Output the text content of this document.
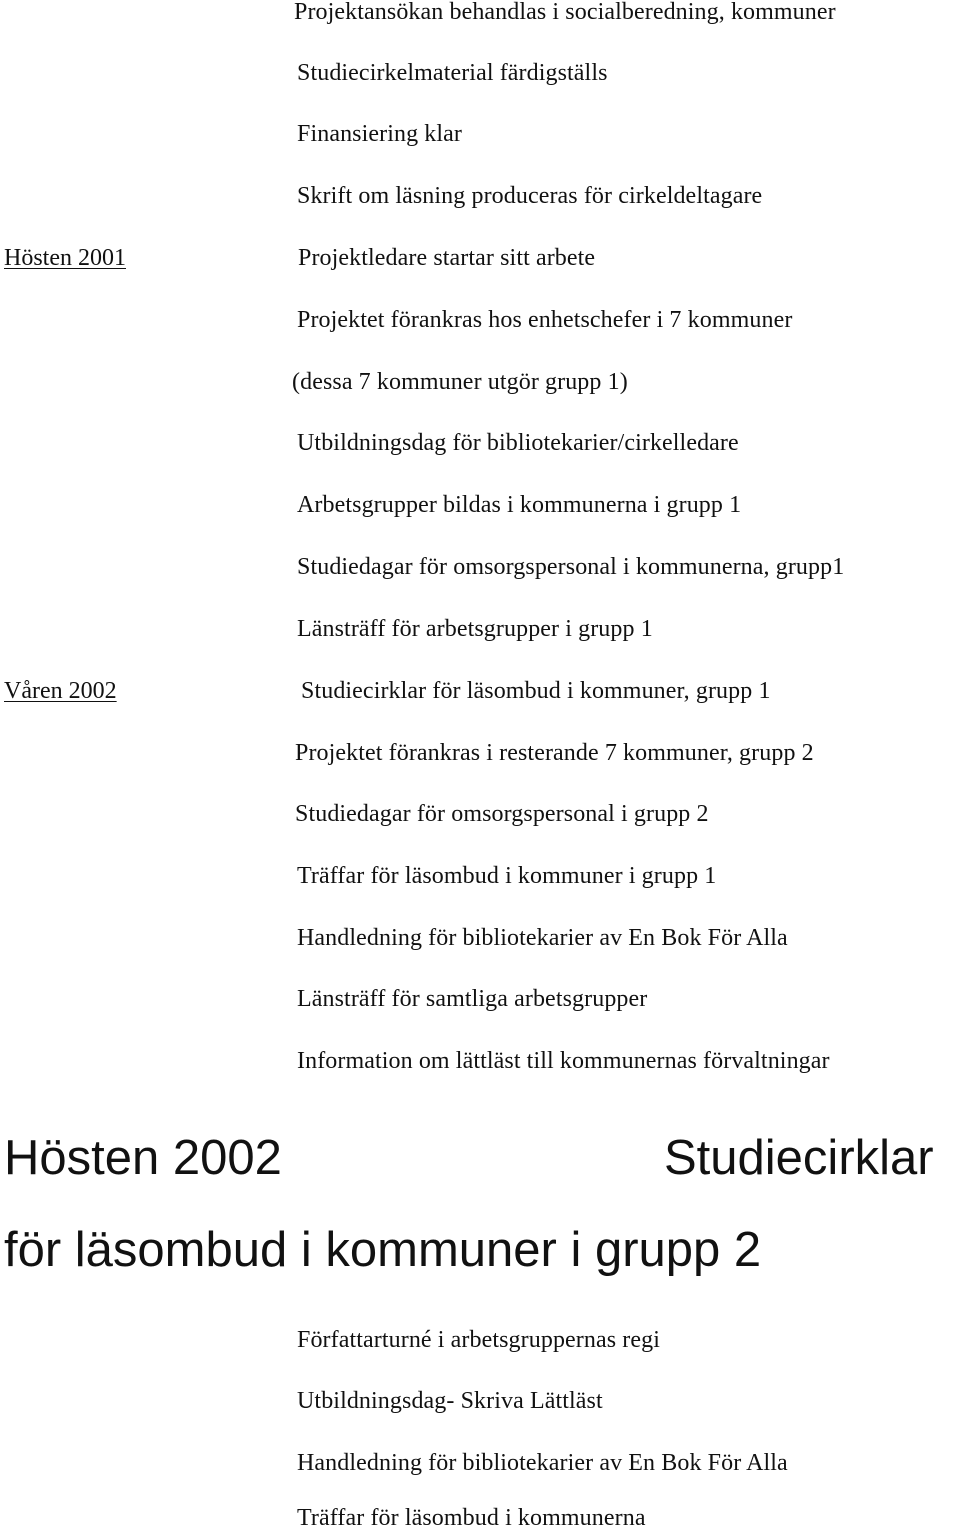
Projektansökan behandlas i socialberedning, kommuner
Studiecirkelmaterial färdigställs
Finansiering klar
Skrift om läsning produceras för cirkeldeltagare
Hösten 2001	Projektledare startar sitt arbete
Projektet förankras hos enhetschefer i 7 kommuner
(dessa 7 kommuner utgör grupp 1)
Utbildningsdag för bibliotekarier/cirkelledare
Arbetsgrupper bildas i kommunerna i grupp 1
Studiedagar för omsorgspersonal i kommunerna, grupp1
Länsträff för arbetsgrupper i grupp 1
Våren 2002	Studiecirklar för läsombud i kommuner, grupp 1
Projektet förankras i resterande 7 kommuner, grupp 2
Studiedagar för omsorgspersonal i grupp 2
Träffar för läsombud i kommuner i grupp 1
Handledning för bibliotekarier av En Bok För Alla
Länsträff för samtliga arbetsgrupper
Information om lättläst till kommunernas förvaltningar
Hösten 2002	Studiecirklar
för läsombud i kommuner i grupp 2
Författarturné i arbetsgruppernas regi
Utbildningsdag- Skriva Lättläst
Handledning för bibliotekarier av En Bok För Alla
Träffar för läsombud i kommunerna
